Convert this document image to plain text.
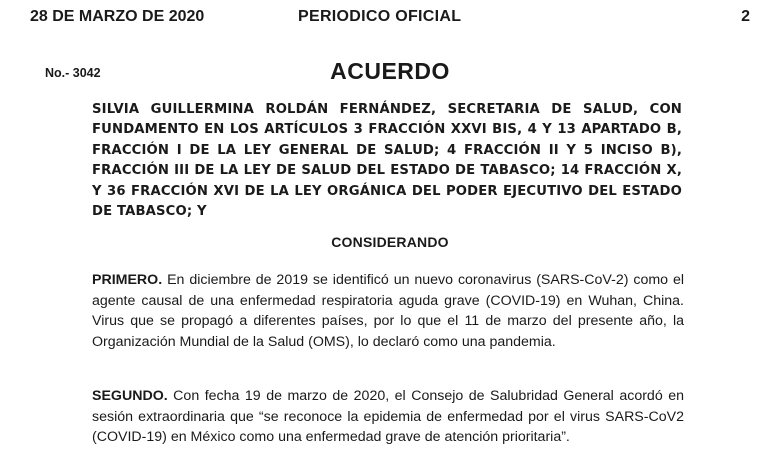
28 DE MARZO DE 2020	PERIODICO OFICIAL	2
No.- 3042	ACUERDO

SILVIA GUILLERMINA ROLDÁN FERNÁNDEZ, SECRETARIA DE SALUD, CON FUNDAMENTO EN LOS ARTÍCULOS 3 FRACCIÓN XXVI BIS, 4 Y 13 APARTADO B, FRACCIÓN I DE LA LEY GENERAL DE SALUD; 4 FRACCIÓN II Y 5 INCISO B), FRACCIÓN III DE LA LEY DE SALUD DEL ESTADO DE TABASCO; 14 FRACCIÓN X, Y 36 FRACCIÓN XVI DE LA LEY ORGÁNICA DEL PODER EJECUTIVO DEL ESTADO DE TABASCO; Y

CONSIDERANDO

PRIMERO. En diciembre de 2019 se identificó un nuevo coronavirus (SARS-CoV-2) como el agente causal de una enfermedad respiratoria aguda grave (COVID-19) en Wuhan, China. Virus que se propagó a diferentes países, por lo que el 11 de marzo del presente año, la Organización Mundial de la Salud (OMS), lo declaró como una pandemia.

SEGUNDO. Con fecha 19 de marzo de 2020, el Consejo de Salubridad General acordó en sesión extraordinaria que “se reconoce la epidemia de enfermedad por el virus SARS-CoV2 (COVID-19) en México como una enfermedad grave de atención prioritaria”.
